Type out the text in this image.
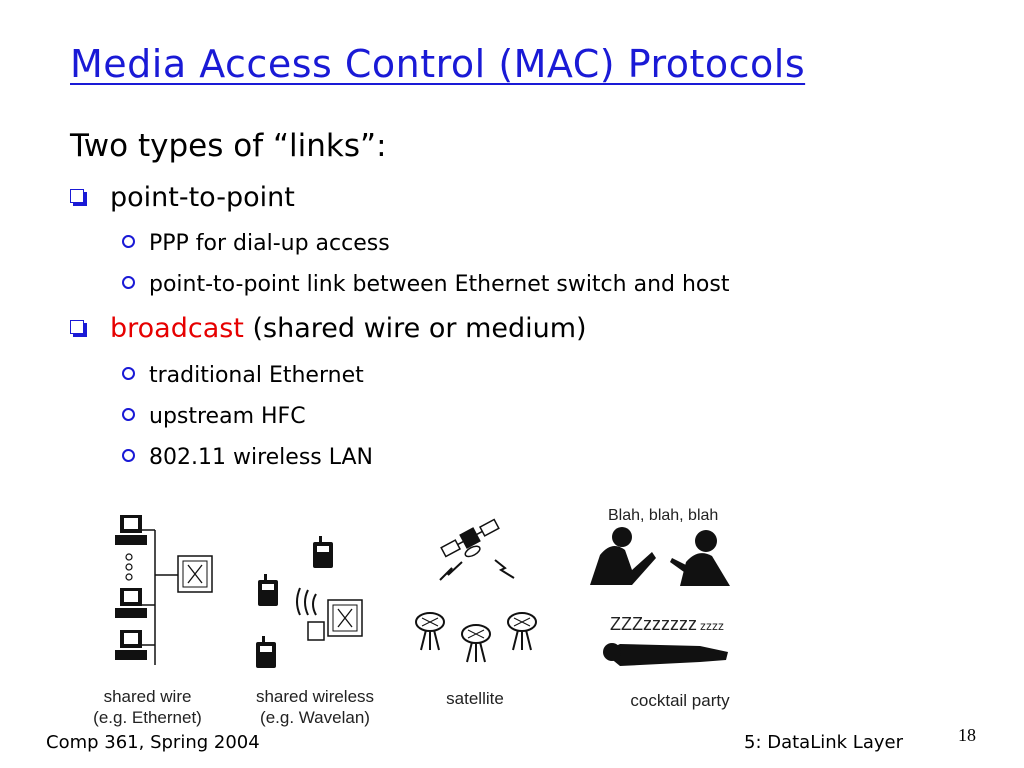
Media Access Control (MAC) Protocols
Two types of “links”:
point-to-point
PPP for dial-up access
point-to-point link between Ethernet switch and host
broadcast (shared wire or medium)
traditional Ethernet
upstream HFC
802.11 wireless LAN
Blah, blah, blah
ZZZzzzzzz zzzz
shared wire
(e.g. Ethernet)
shared wireless
(e.g. Wavelan)
satellite	cocktail party
Comp 361, Spring 2004	5: DataLink Layer	18
